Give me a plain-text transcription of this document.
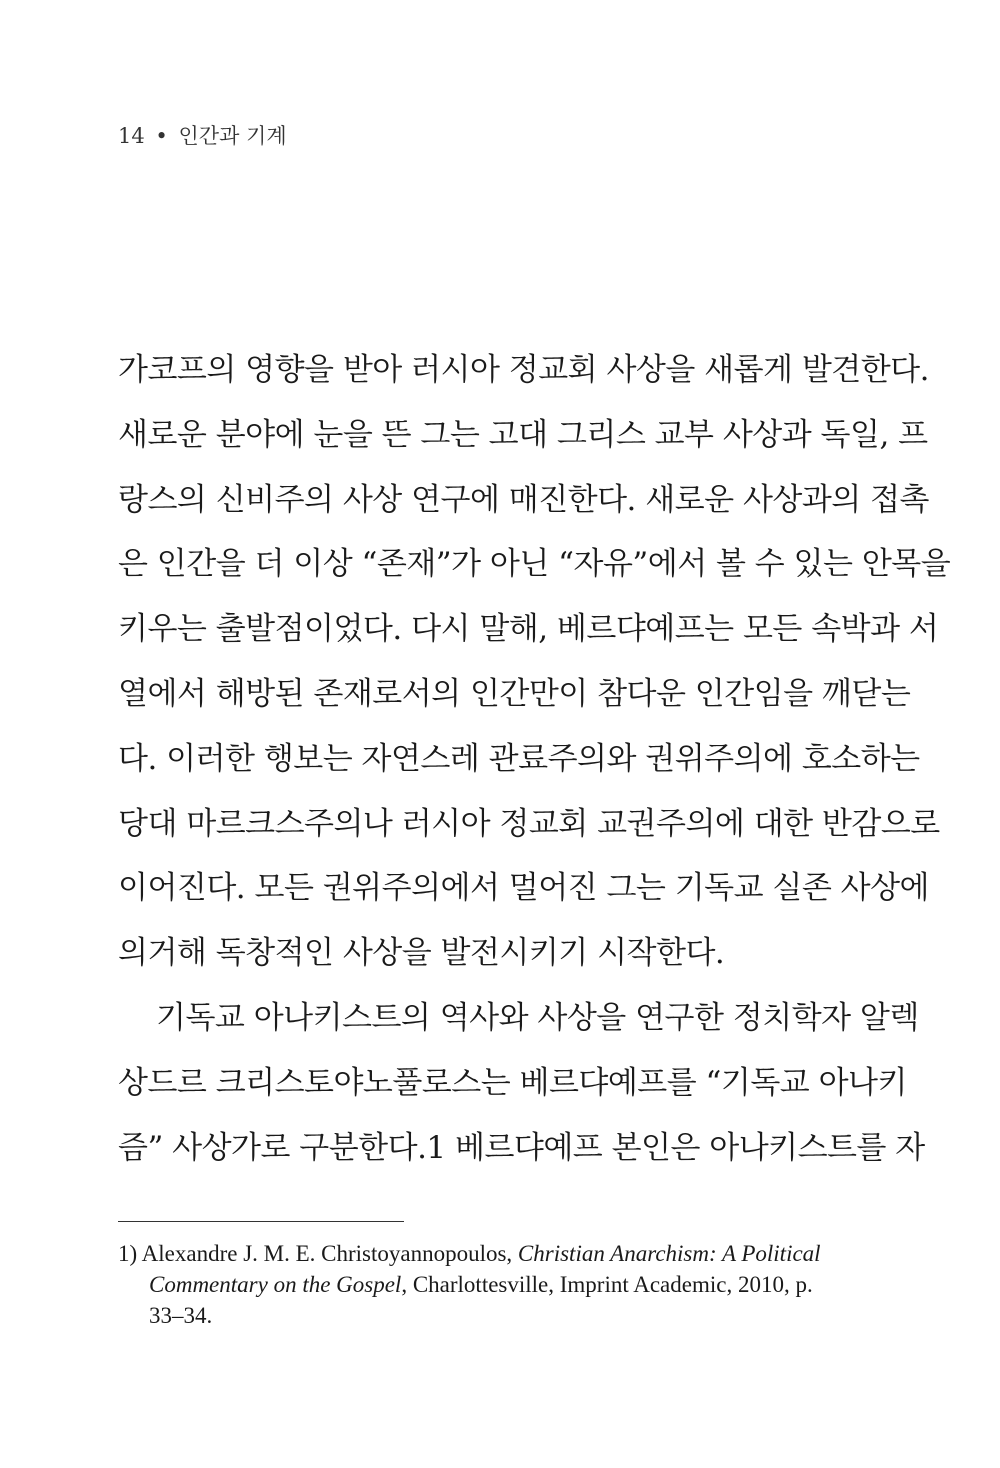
14 • 인간과 기계
가코프의 영향을 받아 러시아 정교회 사상을 새롭게 발견한다.
새로운 분야에 눈을 뜬 그는 고대 그리스 교부 사상과 독일, 프
랑스의 신비주의 사상 연구에 매진한다. 새로운 사상과의 접촉
은 인간을 더 이상 “존재”가 아닌 “자유”에서 볼 수 있는 안목을
키우는 출발점이었다. 다시 말해, 베르댜예프는 모든 속박과 서
열에서 해방된 존재로서의 인간만이 참다운 인간임을 깨닫는
다. 이러한 행보는 자연스레 관료주의와 권위주의에 호소하는
당대 마르크스주의나 러시아 정교회 교권주의에 대한 반감으로
이어진다. 모든 권위주의에서 멀어진 그는 기독교 실존 사상에
의거해 독창적인 사상을 발전시키기 시작한다.
기독교 아나키스트의 역사와 사상을 연구한 정치학자 알렉
상드르 크리스토야노풀로스는 베르댜예프를 “기독교 아나키
즘” 사상가로 구분한다.1 베르댜예프 본인은 아나키스트를 자
1) Alexandre J. M. E. Christoyannopoulos, Christian Anarchism: A Political
Commentary on the Gospel, Charlottesville, Imprint Academic, 2010, p.
33–34.
